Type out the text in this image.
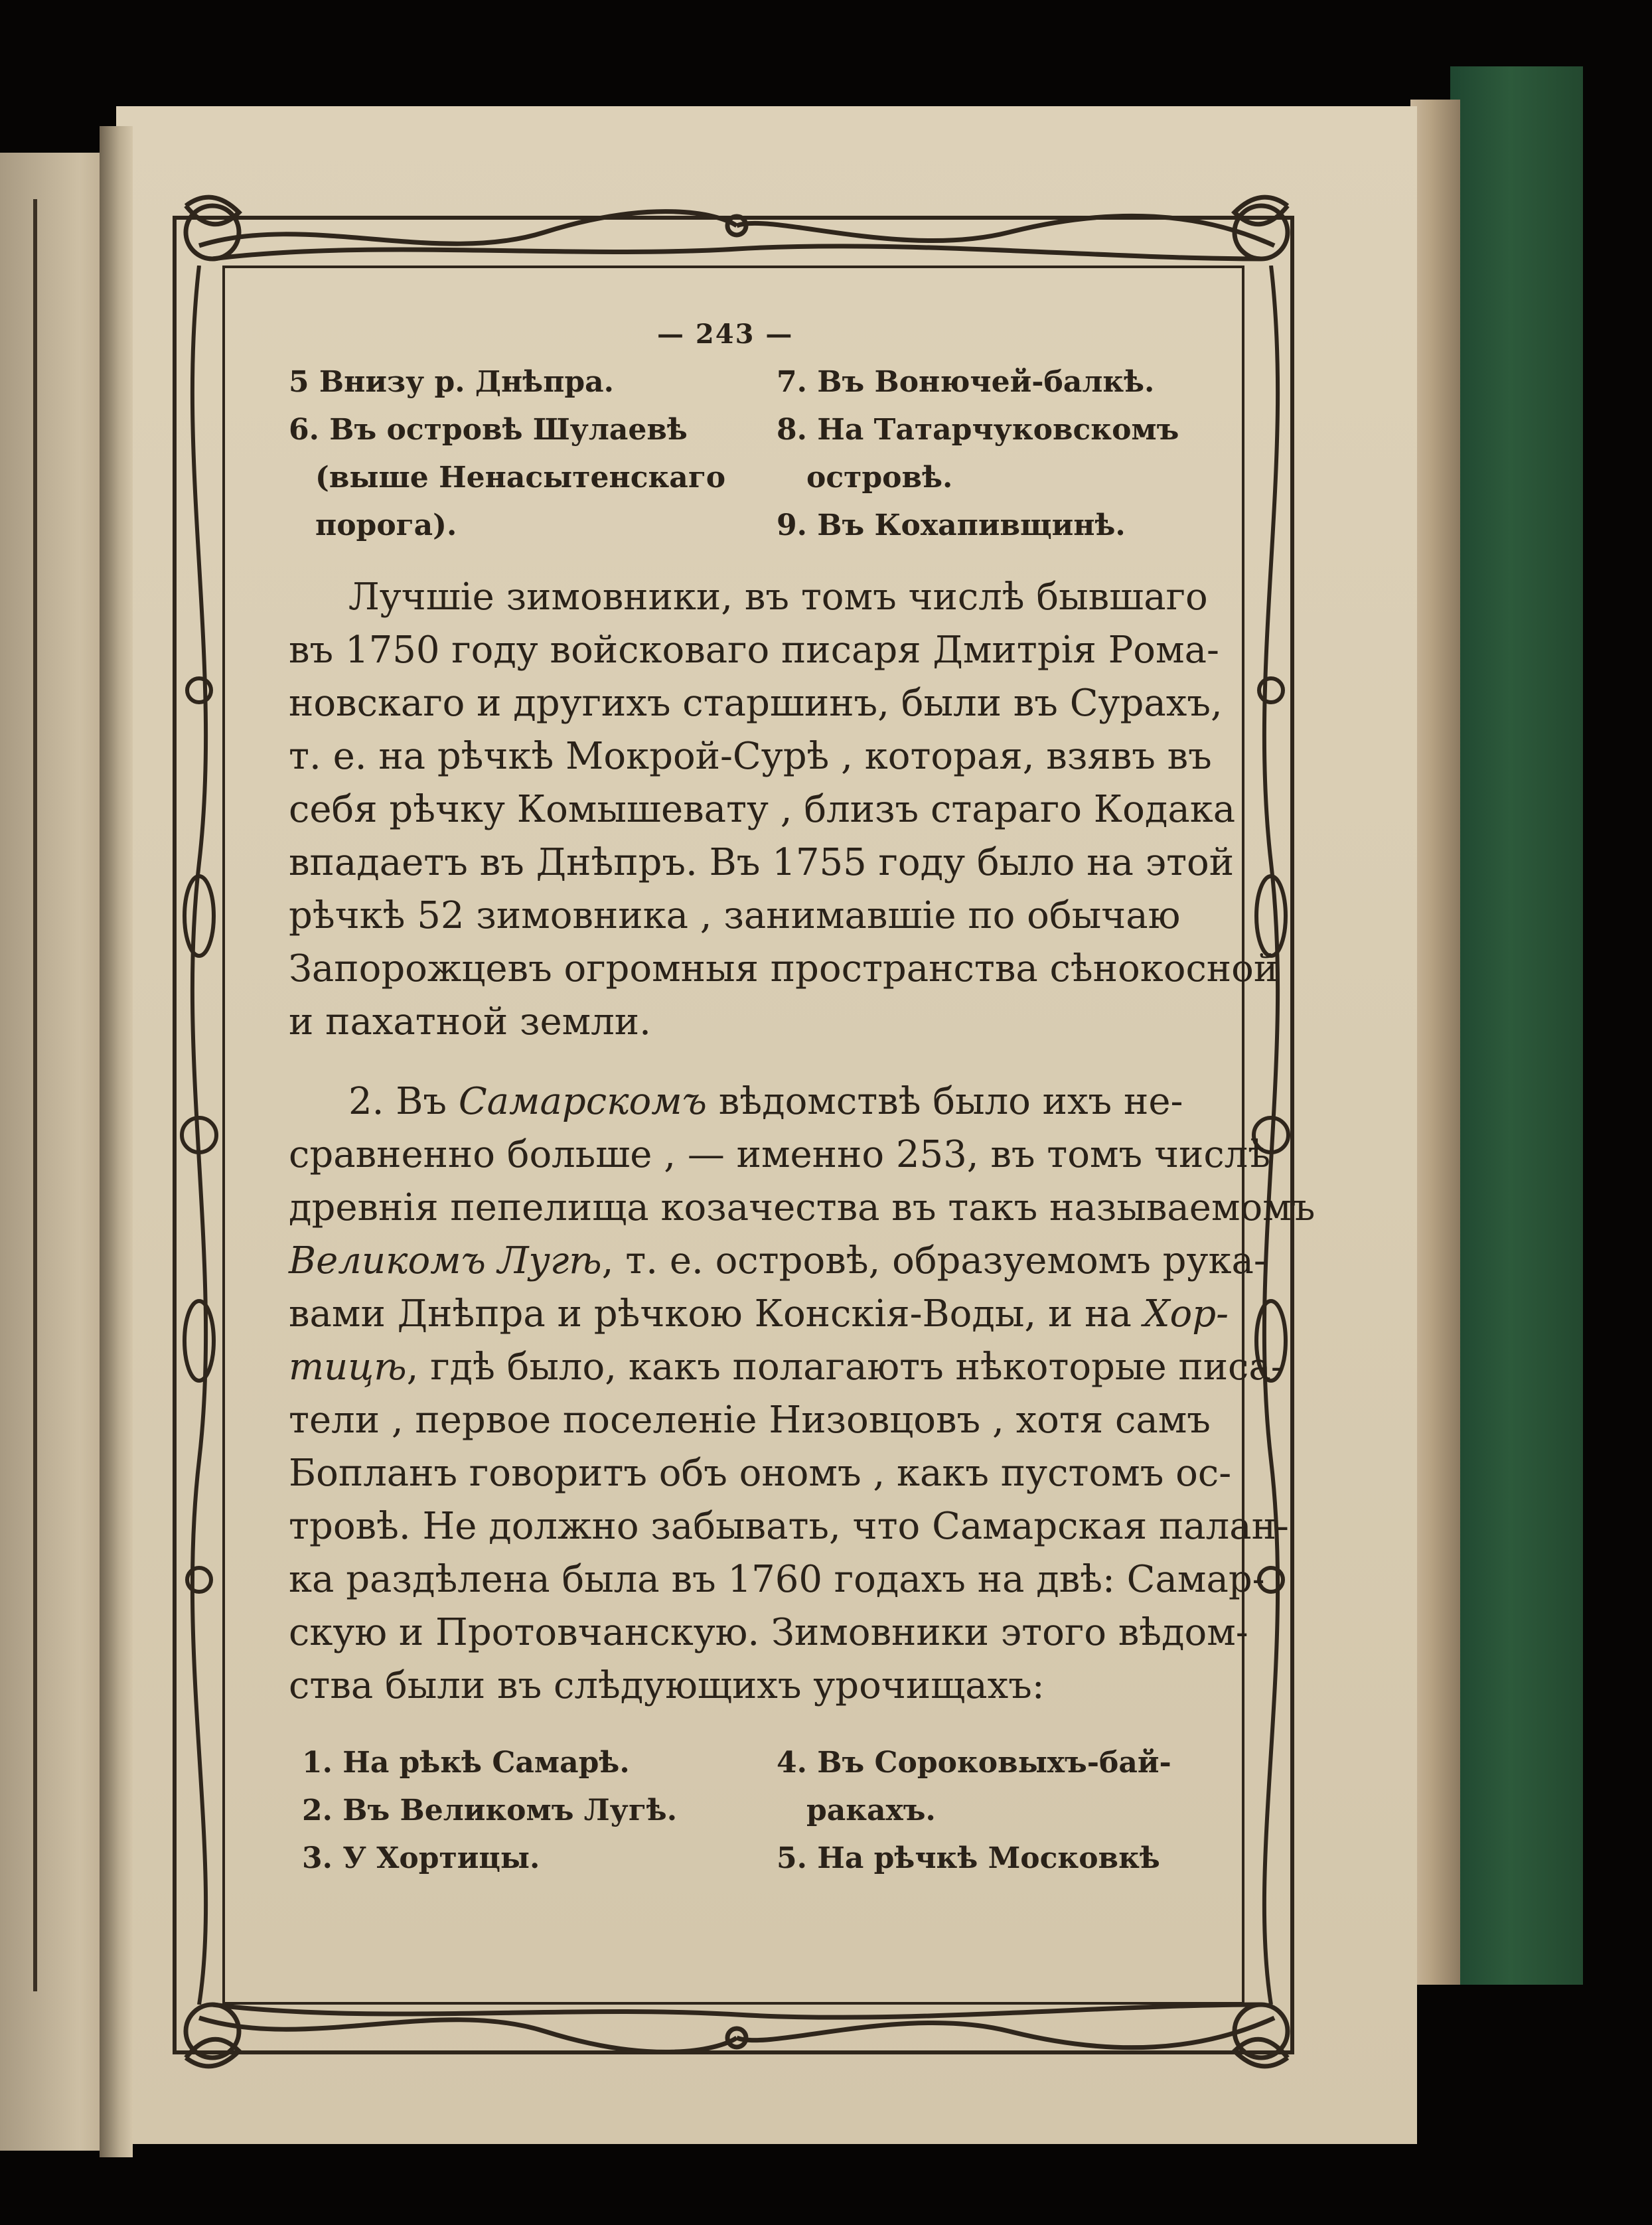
— 243 —
5 Внизу р. Днѣпра.
6. Въ островѣ Шулаевѣ
(выше Ненасытенскаго
порога).
7. Въ Вонючей-балкѣ.
8. На Татарчуковскомъ
островѣ.
9. Въ Кохапивщинѣ.
Лучшіе зимовники, въ томъ числѣ бывшаго
въ 1750 году войсковаго писаря Дмитрія Рома-
новскаго и другихъ старшинъ, были въ Сурахъ,
т. е. на рѣчкѣ Мокрой-Сурѣ , которая, взявъ въ
себя рѣчку Комышевату , близъ стараго Кодака
впадаетъ въ Днѣпръ. Въ 1755 году было на этой
рѣчкѣ 52 зимовника , занимавшіе по обычаю
Запорожцевъ огромныя пространства сѣнокосной
и пахатной земли.
2. Въ Самарскомъ вѣдомствѣ было ихъ не-
сравненно больше , — именно 253, въ томъ числѣ
древнія пепелища козачества въ такъ называемомъ
Великомъ Лугѣ, т. е. островѣ, образуемомъ рука-
вами Днѣпра и рѣчкою Конскія-Воды, и на Хор-
тицѣ, гдѣ было, какъ полагаютъ нѣкоторые писа-
тели , первое поселеніе Низовцовъ , хотя самъ
Бопланъ говоритъ объ ономъ , какъ пустомъ ос-
тровѣ. Не должно забывать, что Самарская палан-
ка раздѣлена была въ 1760 годахъ на двѣ: Самар-
скую и Протовчанскую. Зимовники этого вѣдом-
ства были въ слѣдующихъ урочищахъ:
1. На рѣкѣ Самарѣ.
2. Въ Великомъ Лугѣ.
3. У Хортицы.
4. Въ Сороковыхъ-бай-
ракахъ.
5. На рѣчкѣ Московкѣ
